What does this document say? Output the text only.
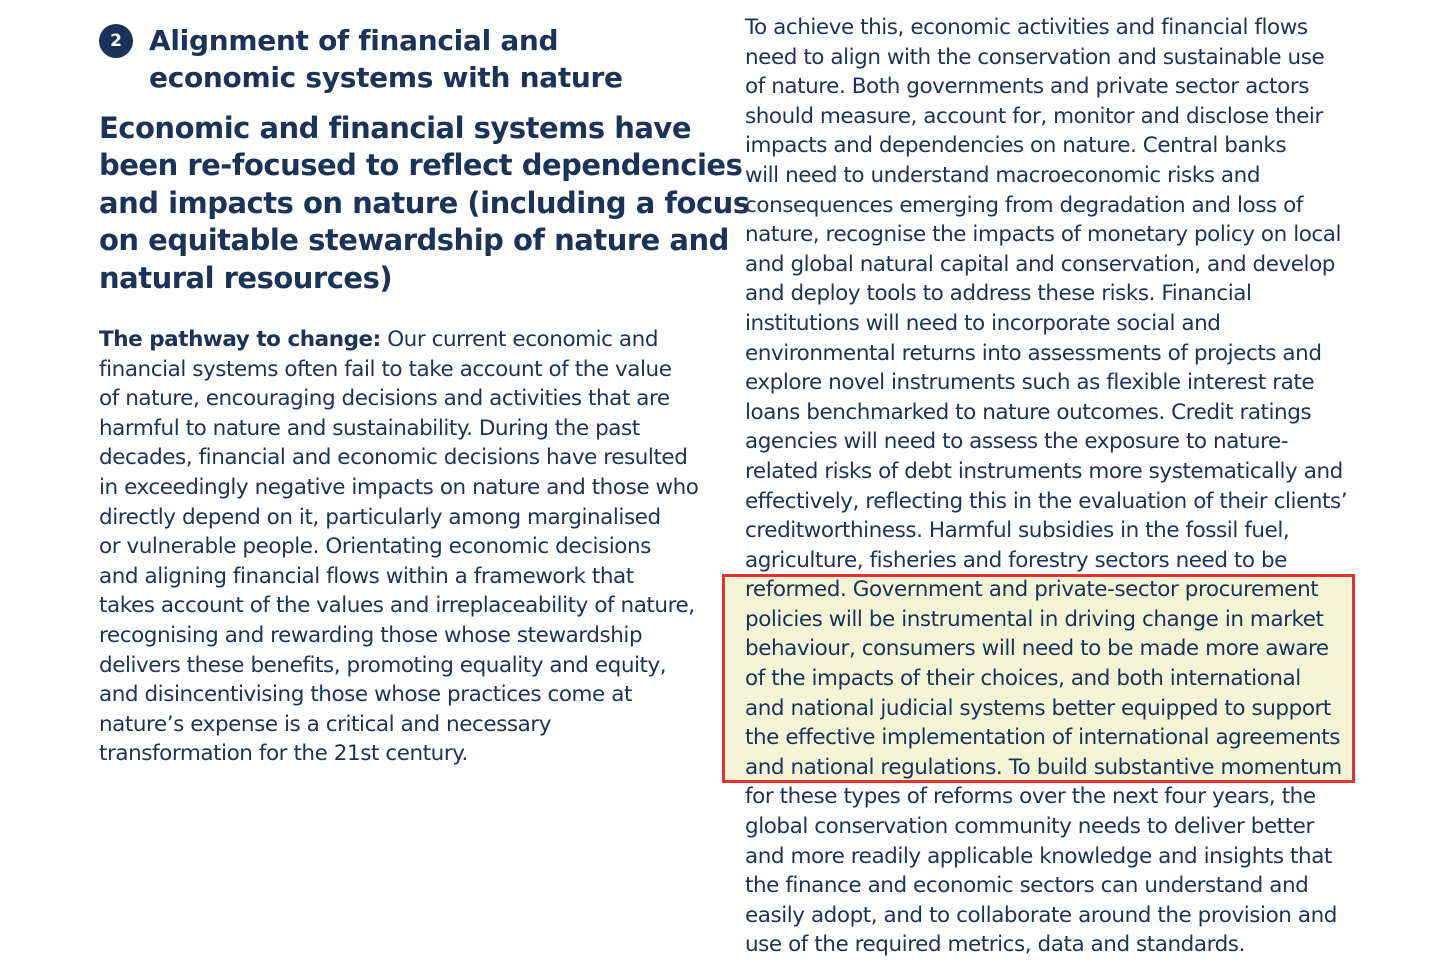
2 Alignment of financial and
economic systems with nature
Economic and financial systems have
been re-focused to reflect dependencies
and impacts on nature (including a focus
on equitable stewardship of nature and
natural resources)
The pathway to change: Our current economic and
financial systems often fail to take account of the value
of nature, encouraging decisions and activities that are
harmful to nature and sustainability. During the past
decades, financial and economic decisions have resulted
in exceedingly negative impacts on nature and those who
directly depend on it, particularly among marginalised
or vulnerable people. Orientating economic decisions
and aligning financial flows within a framework that
takes account of the values and irreplaceability of nature,
recognising and rewarding those whose stewardship
delivers these benefits, promoting equality and equity,
and disincentivising those whose practices come at
nature’s expense is a critical and necessary
transformation for the 21st century.
To achieve this, economic activities and financial flows
need to align with the conservation and sustainable use
of nature. Both governments and private sector actors
should measure, account for, monitor and disclose their
impacts and dependencies on nature. Central banks
will need to understand macroeconomic risks and
consequences emerging from degradation and loss of
nature, recognise the impacts of monetary policy on local
and global natural capital and conservation, and develop
and deploy tools to address these risks. Financial
institutions will need to incorporate social and
environmental returns into assessments of projects and
explore novel instruments such as flexible interest rate
loans benchmarked to nature outcomes. Credit ratings
agencies will need to assess the exposure to nature-
related risks of debt instruments more systematically and
effectively, reflecting this in the evaluation of their clients’
creditworthiness. Harmful subsidies in the fossil fuel,
agriculture, fisheries and forestry sectors need to be
reformed. Government and private-sector procurement
policies will be instrumental in driving change in market
behaviour, consumers will need to be made more aware
of the impacts of their choices, and both international
and national judicial systems better equipped to support
the effective implementation of international agreements
and national regulations. To build substantive momentum
for these types of reforms over the next four years, the
global conservation community needs to deliver better
and more readily applicable knowledge and insights that
the finance and economic sectors can understand and
easily adopt, and to collaborate around the provision and
use of the required metrics, data and standards.
